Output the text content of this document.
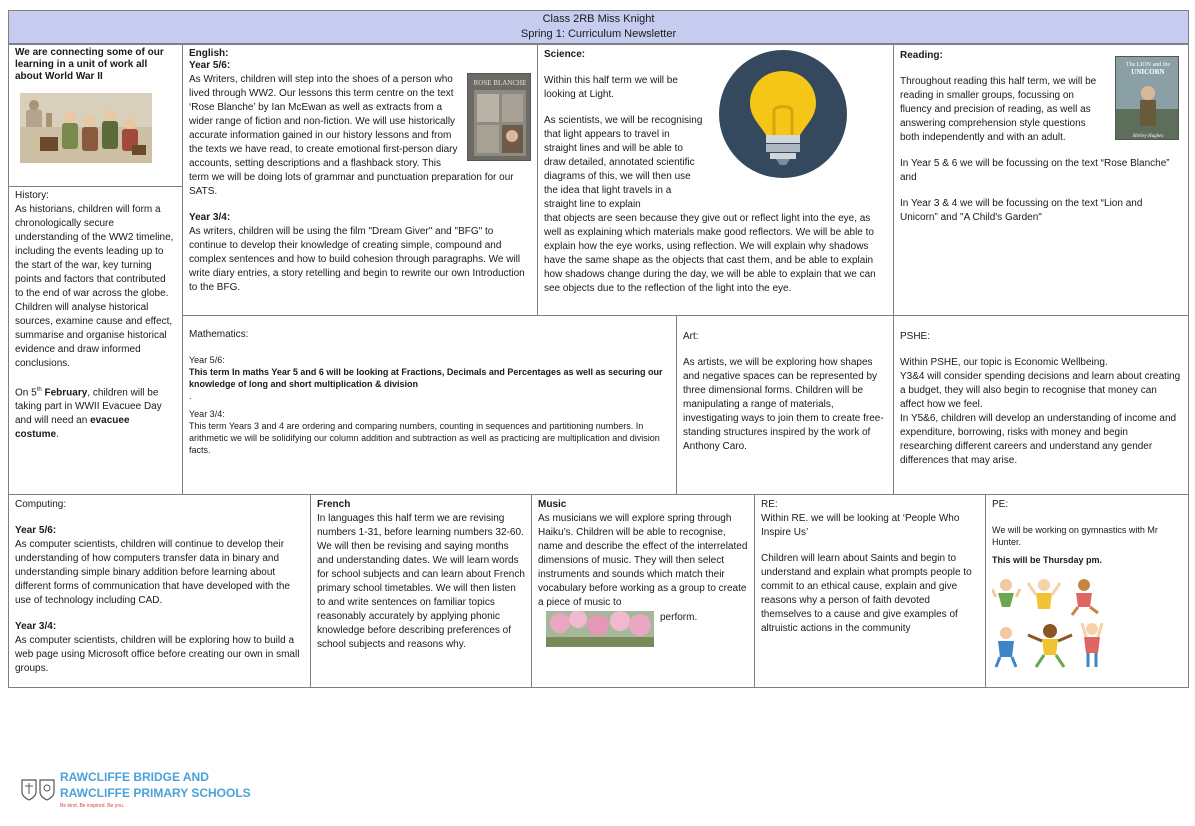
Class 2RB Miss Knight
Spring 1: Curriculum Newsletter

We are connecting some of our learning in a unit of work all about World War II

English:

Year 5/6:

ROSE BLANCHE

As Writers, children will step into the shoes of a person who lived through WW2. Our lessons this term centre on the text ‘Rose Blanche’ by Ian McEwan as well as extracts from a wider range of fiction and non-fiction. We will use historically accurate information gained in our history lessons and from the texts we have read, to create emotional first-person diary accounts, setting descriptions and a flashback story. This term we will be doing lots of grammar and punctuation preparation for our SATS.

Year 3/4:

As writers, children will be using the film "Dream Giver" and "BFG" to continue to develop their knowledge of creating simple, compound and complex sentences and how to build cohesion through paragraphs. We will write diary entries, a story retelling and begin to rewrite our own Introduction to the BFG.

Science:

Within this half term we will be looking at Light.

As scientists, we will be recognising that light appears to travel in straight lines and will be able to draw detailed, annotated scientific diagrams of this, we will then use the idea that light travels in a straight line to explain

that objects are seen because they give out or reflect light into the eye, as well as explaining which materials make good reflectors. We will be able to explain how the eye works, using reflection. We will explain why shadows have the same shape as the objects that cast them, and be able to explain how shadows change during the day, we will be able to explain that we can see objects due to the reflection of the light into the eye.

Reading:

Throughout reading this half term, we will be reading in smaller groups, focussing on fluency and precision of reading, as well as answering comprehension style questions both independently and with an adult.

In Year 5 & 6 we will be focussing on the text “Rose Blanche” and

In Year 3 & 4 we will be focussing on the text “Lion and Unicorn” and "A Child's Garden"

The LION and the
UNICORN
Shirley Hughes

History:

As historians, children will form a chronologically secure understanding of the WW2 timeline, including the events leading up to the start of the war, key turning points and factors that contributed to the end of war across the globe. Children will analyse historical sources, examine cause and effect, summarise and organise historical evidence and draw informed conclusions.

On 5th February, children will be taking part in WWII Evacuee Day and will need an evacuee costume.

Mathematics:

Year 5/6:

This term In maths Year 5 and 6 will be looking at Fractions, Decimals and Percentages as well as securing our knowledge of long and short multiplication & division

.

Year 3/4:

This term Years 3 and 4 are ordering and comparing numbers, counting in sequences and partitioning numbers. In arithmetic we will be solidifying our column addition and subtraction as well as practicing are multiplication and division facts.

Art:

As artists, we will be exploring how shapes and negative spaces can be represented by three dimensional forms. Children will be manipulating a range of materials, investigating ways to join them to create free-standing structures inspired by the work of Anthony Caro.

PSHE:

Within PSHE, our topic is Economic Wellbeing.

Y3&4 will consider spending decisions and learn about creating a budget, they will also begin to recognise that money can affect how we feel.

In Y5&6, children will develop an understanding of income and expenditure, borrowing, risks with money and begin researching different careers and understand any gender differences that may arise.

Computing:

Year 5/6:

As computer scientists, children will continue to develop their understanding of how computers transfer data in binary and understanding simple binary addition before learning about different forms of communication that have developed with the use of technology including CAD.

Year 3/4:

As computer scientists, children will be exploring how to build a web page using Microsoft office before creating our own in small groups.

French

In languages this half term we are revising numbers 1-31, before learning numbers 32-60. We will then be revising and saying months and understanding dates. We will learn words for school subjects and can learn about French primary school timetables. We will then listen to and write sentences on familiar topics reasonably accurately by applying phonic knowledge before describing preferences of school subjects and reasons why.

Music

As musicians we will explore spring through Haiku’s. Children will be able to recognise, name and describe the effect of the interrelated dimensions of music. They will then select instruments and sounds which match their vocabulary before working as a group to create a piece of music to

perform.

RE:

Within RE. we will be looking at ‘People Who Inspire Us’

Children will learn about Saints and begin to understand and explain what prompts people to commit to an ethical cause, explain and give reasons why a person of faith devoted themselves to a cause and give examples of altruistic actions in the community

PE:

We will be working on gymnastics with Mr Hunter.

This will be Thursday pm.

RAWCLIFFE BRIDGE AND
RAWCLIFFE PRIMARY SCHOOLS
Be kind. Be inspired. Be you.
